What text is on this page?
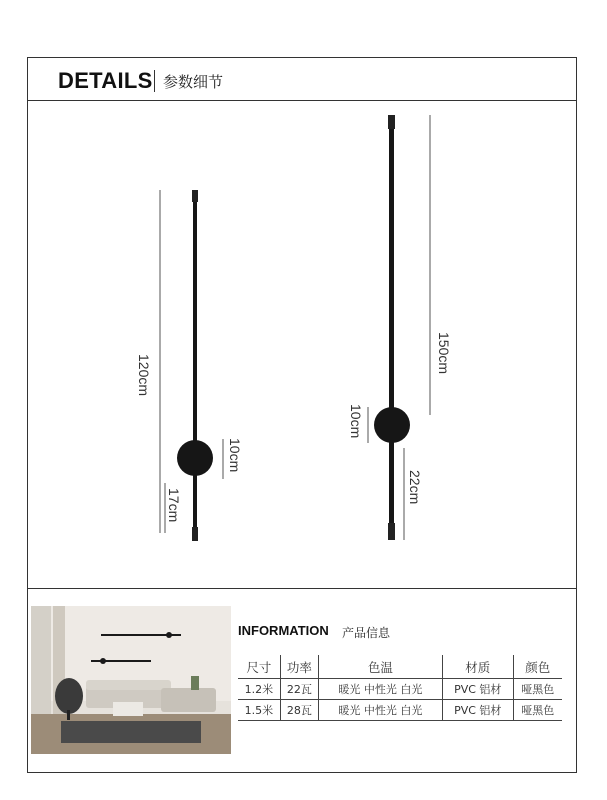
DETAILS 参数细节
120cm
10cm
17cm
150cm
10cm
22cm
INFORMATION 产品信息
尺寸	功率	色温	材质	颜色
1.2米	22瓦	暖光 中性光 白光	PVC 铝材	哑黑色
1.5米	28瓦	暖光 中性光 白光	PVC 铝材	哑黑色
